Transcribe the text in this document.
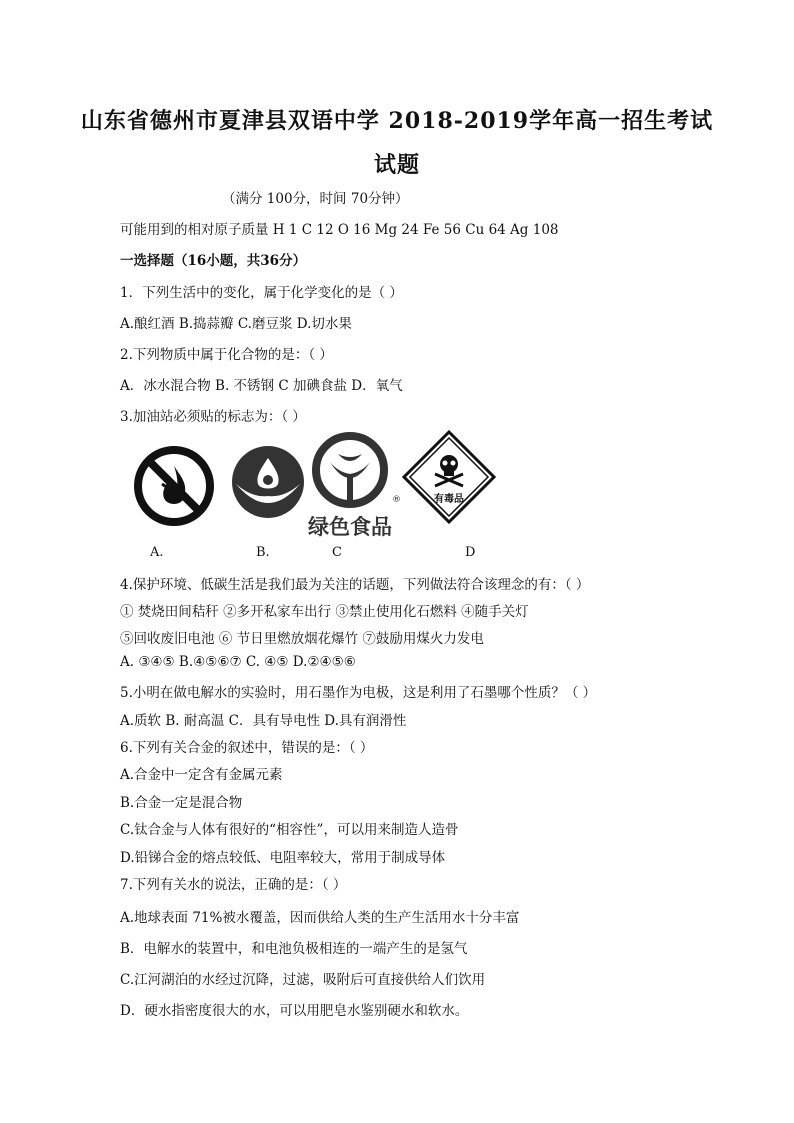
山东省德州市夏津县双语中学 2018-2019学年高一招生考试
试题
（满分 100分，时间 70分钟）
可能用到的相对原子质量 H 1 C 12 O 16 Mg 24 Fe 56 Cu 64 Ag 108
一选择题（16小题，共36分）
1．下列生活中的变化，属于化学变化的是（ ）
A.酿红酒 B.捣蒜瓣 C.磨豆浆 D.切水果
2.下列物质中属于化合物的是：（ ）
A．冰水混合物 B. 不锈钢 C 加碘食盐 D．氧气
3.加油站必须贴的标志为：（ ）
®
绿色食品
有毒品
A.	B.	C	D
4.保护环境、低碳生活是我们最为关注的话题，下列做法符合该理念的有：（ ）
① 焚烧田间秸秆 ②多开私家车出行 ③禁止使用化石燃料 ④随手关灯
⑤回收废旧电池 ⑥ 节日里燃放烟花爆竹 ⑦鼓励用煤火力发电
A. ③④⑤ B.④⑤⑥⑦ C. ④⑤ D.②④⑤⑥
5.小明在做电解水的实验时，用石墨作为电极，这是利用了石墨哪个性质？（ ）
A.质软 B. 耐高温 C．具有导电性 D.具有润滑性
6.下列有关合金的叙述中，错误的是：（ ）
A.合金中一定含有金属元素
B.合金一定是混合物
C.钛合金与人体有很好的“相容性”，可以用来制造人造骨
D.铅锑合金的熔点较低、电阻率较大，常用于制成导体
7.下列有关水的说法，正确的是：（ ）
A.地球表面 71%被水覆盖，因而供给人类的生产生活用水十分丰富
B．电解水的装置中，和电池负极相连的一端产生的是氢气
C.江河湖泊的水经过沉降，过滤，吸附后可直接供给人们饮用
D．硬水指密度很大的水，可以用肥皂水鉴别硬水和软水。
